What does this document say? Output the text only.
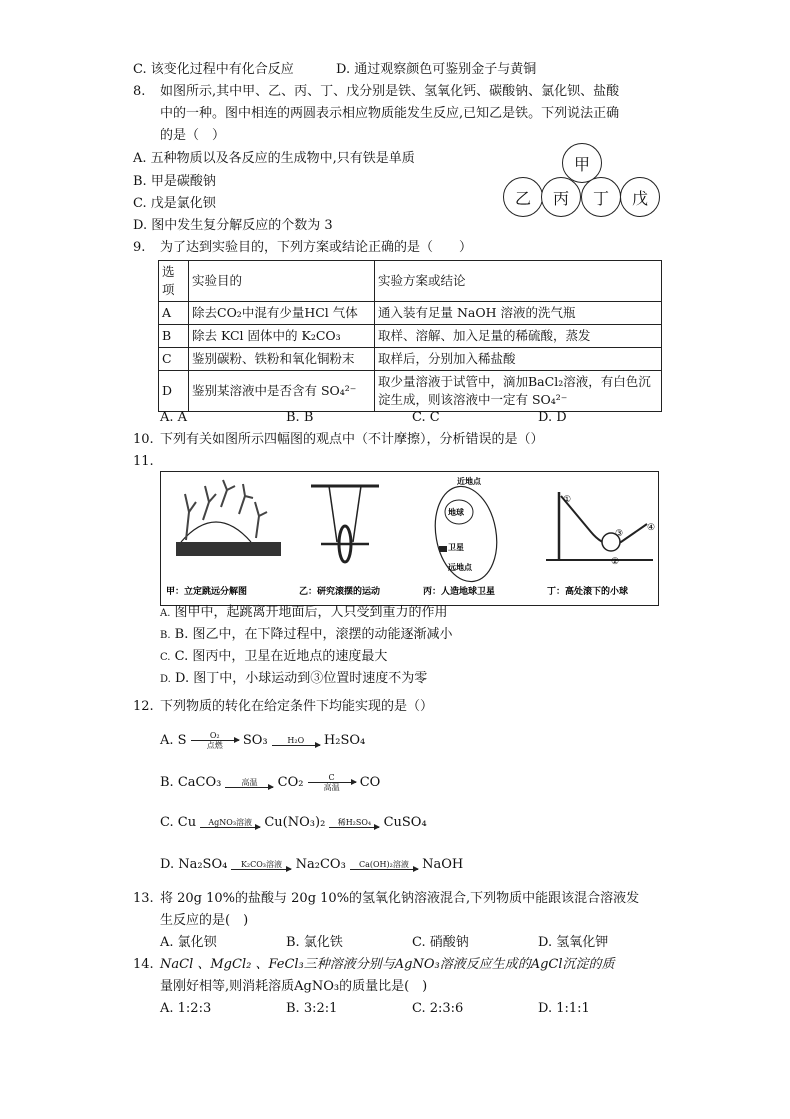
C. 该变化过程中有化合反应	D. 通过观察颜色可鉴别金子与黄铜
8. 如图所示,其中甲、乙、丙、丁、戊分别是铁、氢氧化钙、碳酸钠、氯化钡、盐酸
中的一种。图中相连的两圆表示相应物质能发生反应,已知乙是铁。下列说法正确
的是（　）
A. 五种物质以及各反应的生成物中,只有铁是单质
B. 甲是碳酸钠
C. 戊是氯化钡
D. 图中发生复分解反应的个数为 3
甲
乙	丙	丁	戊
9. 为了达到实验目的，下列方案或结论正确的是（　　）
选项	实验目的	实验方案或结论
A	除去CO₂中混有少量HCl 气体	通入装有足量 NaOH 溶液的洗气瓶
B	除去 KCl 固体中的 K₂CO₃	取样、溶解、加入足量的稀硫酸，蒸发
C	鉴别碳粉、铁粉和氧化铜粉末	取样后，分别加入稀盐酸
D	鉴别某溶液中是否含有 SO₄²⁻	取少量溶液于试管中，滴加BaCl₂溶液，有白色沉淀生成，则该溶液中一定有 SO₄²⁻
A. A	B. B	C. C	D. D
10. 下列有关如图所示四幅图的观点中（不计摩擦），分析错误的是（）
11.
近地点
地球
卫星
远地点
①
②
③
④
甲：立定跳远分解图	乙：研究滚摆的运动	丙：人造地球卫星	丁：高处滚下的小球
A. 图甲中，起跳离开地面后，人只受到重力的作用
B. B. 图乙中，在下降过程中，滚摆的动能逐渐减小
C. C. 图丙中，卫星在近地点的速度最大
D. D. 图丁中，小球运动到③位置时速度不为零
12. 下列物质的转化在给定条件下均能实现的是（）
A. S	O₂
点燃	SO₃	H₂O	H₂SO₄
B. CaCO₃	高温	CO₂	C
高温	CO
C. Cu	AgNO₃溶液 Cu(NO₃)₂	稀H₂SO₄ CuSO₄
D. Na₂SO₄	K₂CO₃溶液	Na₂CO₃	Ca(OH)₂溶液	NaOH
13. 将 20g 10%的盐酸与 20g 10%的氢氧化钠溶液混合,下列物质中能跟该混合溶液发
生反应的是(　)
A. 氯化钡	B. 氯化铁	C. 硝酸钠	D. 氢氧化钾
14. NaCl 、MgCl₂ 、FeCl₃三种溶液分别与AgNO₃溶液反应生成的AgCl沉淀的质
量刚好相等,则消耗溶质AgNO₃的质量比是(　)
A. 1:2:3	B. 3:2:1	C. 2:3:6	D. 1:1:1
